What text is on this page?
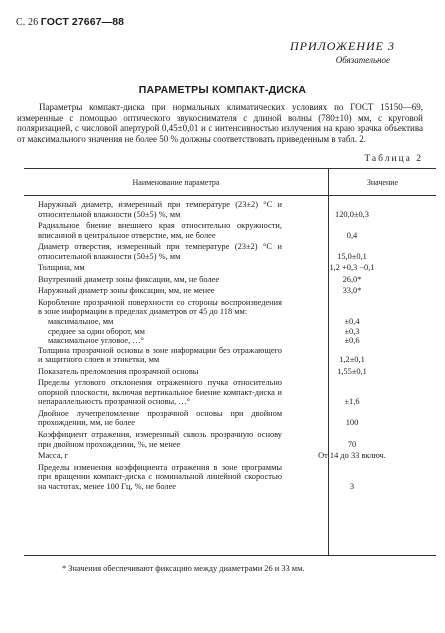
С. 26 ГОСТ 27667—88
ПРИЛОЖЕНИЕ 3
Обязательное
ПАРАМЕТРЫ КОМПАКТ-ДИСКА

Параметры компакт-диска при нормальных климатических условиях по ГОСТ 15150—69, измеренные с помощью оптического звукоснимателя с длиной волны (780±10) мм, с круговой поляризацией, с числовой апертурой 0,45±0,01 и с интенсивностью излучения на краю зрачка объектива от максимального значения не более 50 % должны соответствовать приведенным в табл. 2.

Таблица 2
Наименование параметра	Значение
Наружный диаметр, измеренный при температуре (23±2) °С и относительной влажности (50±5) %, мм	120,0±0,3
Радиальное биение внешнего края относительно окружности, вписанной в центральное отверстие, мм, не более	0,4
Диаметр отверстия, измеренный при температуре (23±2) °С и относительной влажности (50±5) %, мм	15,0±0,1
Толщина, мм	1,2 +0,3 −0,1
Внутренний диаметр зоны фиксации, мм, не более	26,0*
Наружный диаметр зоны фиксации, мм, не менее	33,0*
Коробление прозрачной поверхности со стороны воспроизведения в зоне информации в пределах диаметров от 45 до 118 мм:
максимальное, мм	±0,4
среднее за один оборот, мм	±0,3
максимальное угловое, …°	±0,6
Толщина прозрачной основы в зоне информации без отражающего и защитного слоев и этикетки, мм	1,2±0,1
Показатель преломления прозрачной основы	1,55±0,1
Пределы углового отклонения отраженного пучка относительно опорной плоскости, включая вертикальное биение компакт-диска и непараллельность прозрачной основы, …°	±1,6
Двойное лучепреломление прозрачной основы при двойном прохождении, мм, не более	100
Коэффициент отражения, измеренный сквозь прозрачную основу при двойном прохождении, %, не менее	70
Масса, г	От 14 до 33 включ.
Пределы изменения коэффициента отражения в зоне программы при вращении компакт-диска с номинальной линейной скоростью на частотах, менее 100 Гц, %, не более	3
* Значения обеспечивают фиксацию между диаметрами 26 и 33 мм.
